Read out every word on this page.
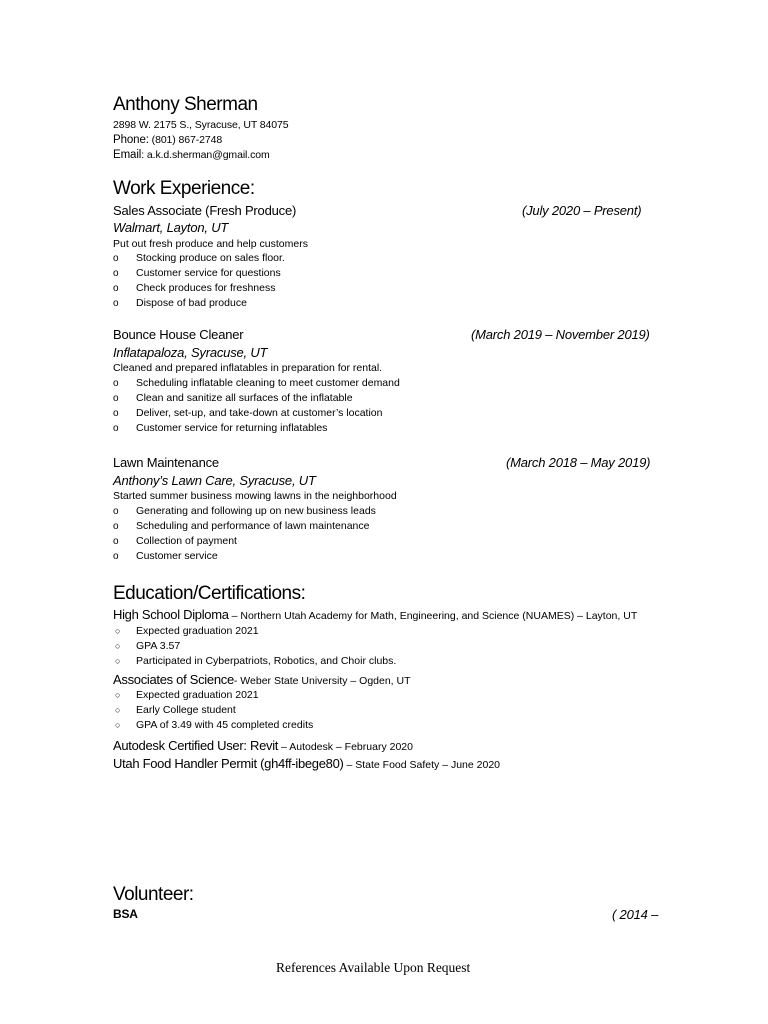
Anthony Sherman
2898 W. 2175 S., Syracuse, UT 84075
Phone: (801) 867-2748
Email: a.k.d.sherman@gmail.com
Work Experience:
Sales Associate (Fresh Produce)	(July 2020 – Present)
Walmart, Layton, UT
Put out fresh produce and help customers
o Stocking produce on sales floor.
o Customer service for questions
o Check produces for freshness
o Dispose of bad produce
Bounce House Cleaner	(March 2019 – November 2019)
Inflatapaloza, Syracuse, UT
Cleaned and prepared inflatables in preparation for rental.
o Scheduling inflatable cleaning to meet customer demand
o Clean and sanitize all surfaces of the inflatable
o Deliver, set-up, and take-down at customer’s location
o Customer service for returning inflatables
Lawn Maintenance	(March 2018 – May 2019)
Anthony’s Lawn Care, Syracuse, UT
Started summer business mowing lawns in the neighborhood
o Generating and following up on new business leads
o Scheduling and performance of lawn maintenance
o Collection of payment
o Customer service
Education/Certifications:
High School Diploma – Northern Utah Academy for Math, Engineering, and Science (NUAMES) – Layton, UT
○ Expected graduation 2021
○ GPA 3.57
○ Participated in Cyberpatriots, Robotics, and Choir clubs.
Associates of Science- Weber State University – Ogden, UT
○ Expected graduation 2021
○ Early College student
○ GPA of 3.49 with 45 completed credits
Autodesk Certified User: Revit – Autodesk – February 2020
Utah Food Handler Permit (gh4ff-ibege80) – State Food Safety – June 2020
Volunteer:
BSA	( 2014 –
References Available Upon Request
